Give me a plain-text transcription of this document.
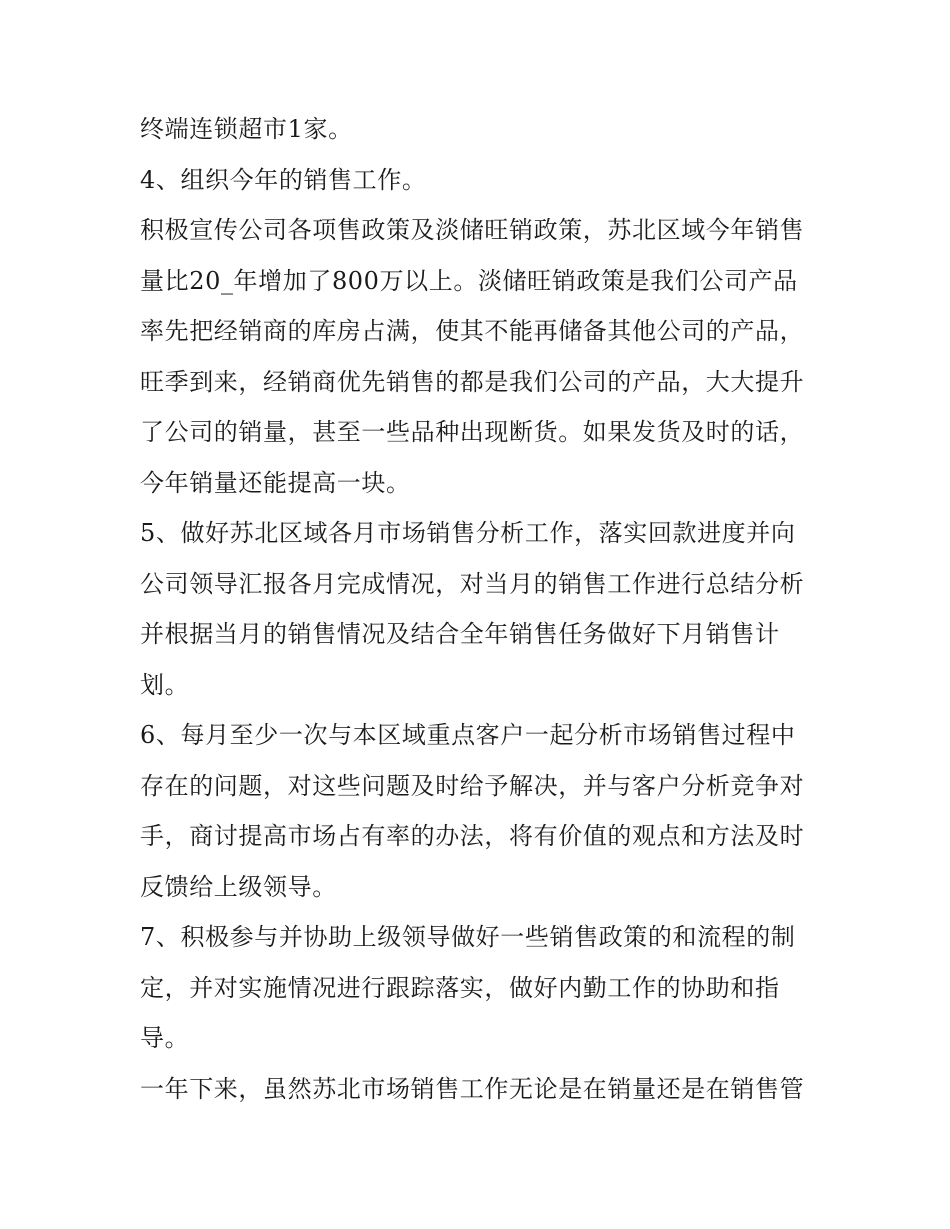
终端连锁超市1家。
4、组织今年的销售工作。
积极宣传公司各项售政策及淡储旺销政策，苏北区域今年销售
量比20_年增加了800万以上。淡储旺销政策是我们公司产品
率先把经销商的库房占满，使其不能再储备其他公司的产品，
旺季到来，经销商优先销售的都是我们公司的产品，大大提升
了公司的销量，甚至一些品种出现断货。如果发货及时的话，
今年销量还能提高一块。
5、做好苏北区域各月市场销售分析工作，落实回款进度并向
公司领导汇报各月完成情况，对当月的销售工作进行总结分析
并根据当月的销售情况及结合全年销售任务做好下月销售计
划。
6、每月至少一次与本区域重点客户一起分析市场销售过程中
存在的问题，对这些问题及时给予解决，并与客户分析竞争对
手，商讨提高市场占有率的办法，将有价值的观点和方法及时
反馈给上级领导。
7、积极参与并协助上级领导做好一些销售政策的和流程的制
定，并对实施情况进行跟踪落实，做好内勤工作的协助和指
导。
一年下来，虽然苏北市场销售工作无论是在销量还是在销售管
